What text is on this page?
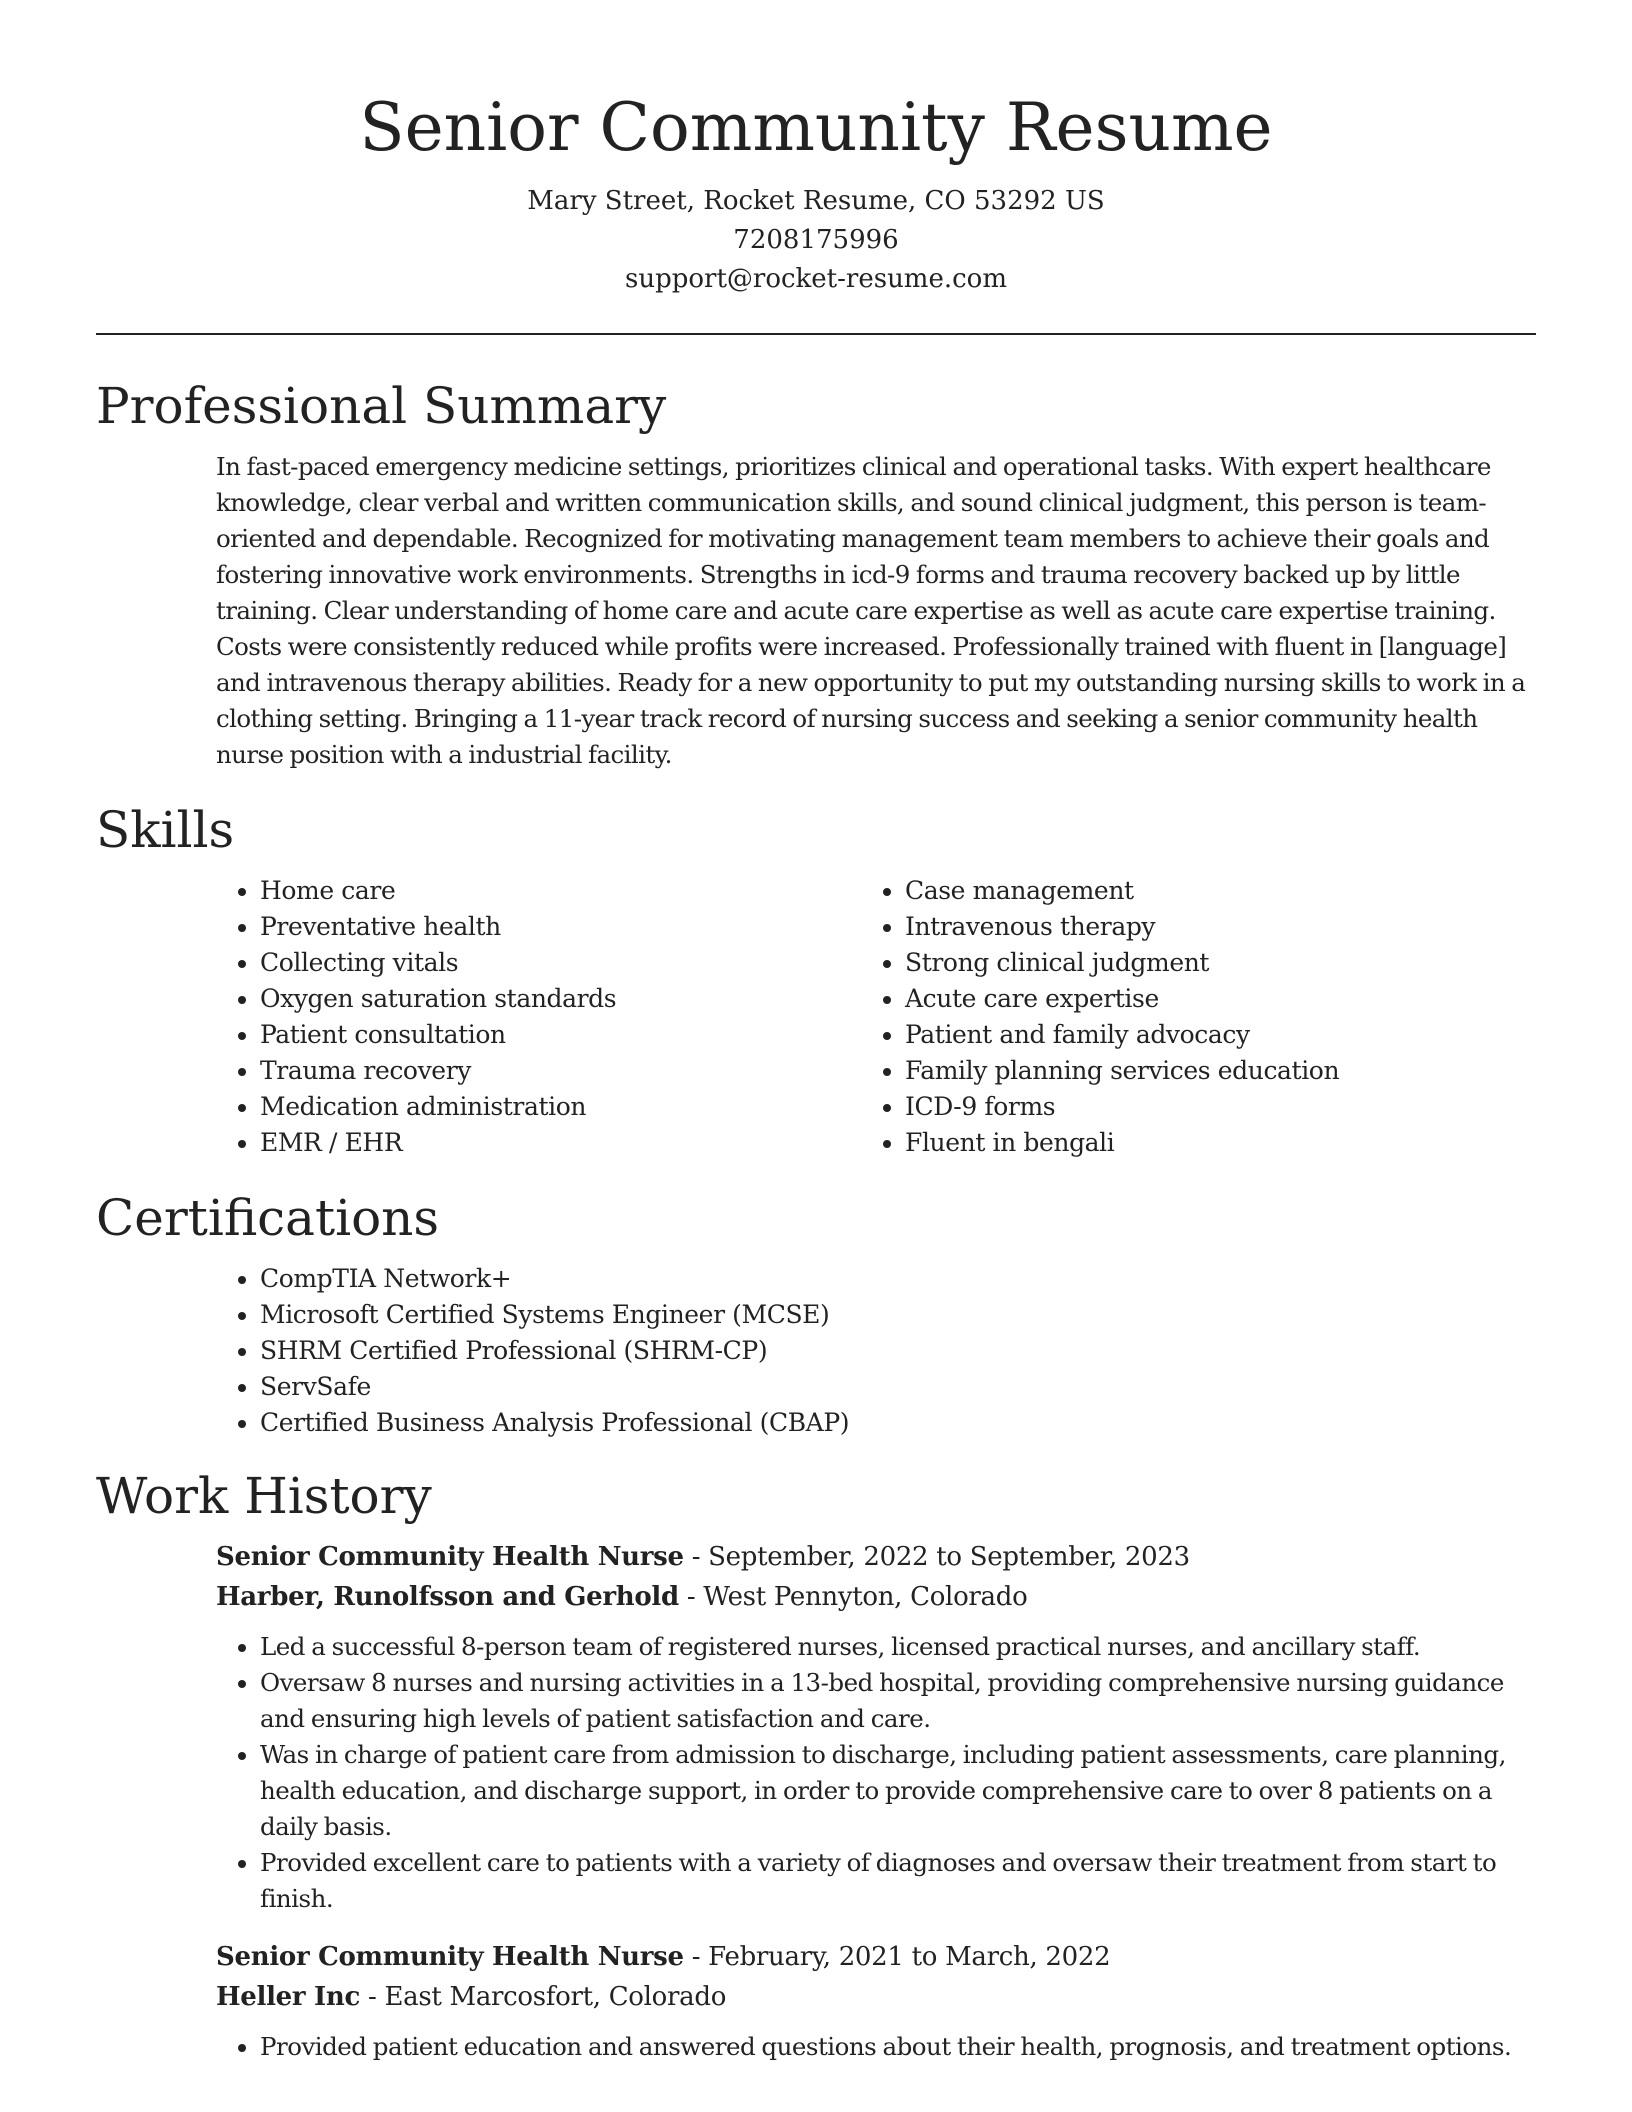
Senior Community Resume
Mary Street, Rocket Resume, CO 53292 US
7208175996
support@rocket-resume.com
Professional Summary

In fast-paced emergency medicine settings, prioritizes clinical and operational tasks. With expert healthcare knowledge, clear verbal and written communication skills, and sound clinical judgment, this person is team-oriented and dependable. Recognized for motivating management team members to achieve their goals and fostering innovative work environments. Strengths in icd-9 forms and trauma recovery backed up by little training. Clear understanding of home care and acute care expertise as well as acute care expertise training. Costs were consistently reduced while profits were increased. Professionally trained with fluent in [language] and intravenous therapy abilities. Ready for a new opportunity to put my outstanding nursing skills to work in a clothing setting. Bringing a 11-year track record of nursing success and seeking a senior community health nurse position with a industrial facility.

Skills
• Home care
• Preventative health
• Collecting vitals
• Oxygen saturation standards
• Patient consultation
• Trauma recovery
• Medication administration
• EMR / EHR
• Case management
• Intravenous therapy
• Strong clinical judgment
• Acute care expertise
• Patient and family advocacy
• Family planning services education
• ICD-9 forms
• Fluent in bengali
Certifications
• CompTIA Network+
• Microsoft Certified Systems Engineer (MCSE)
• SHRM Certified Professional (SHRM-CP)
• ServSafe
• Certified Business Analysis Professional (CBAP)
Work History
Senior Community Health Nurse - September, 2022 to September, 2023
Harber, Runolfsson and Gerhold - West Pennyton, Colorado
• Led a successful 8-person team of registered nurses, licensed practical nurses, and ancillary staff.
• Oversaw 8 nurses and nursing activities in a 13-bed hospital, providing comprehensive nursing guidance and ensuring high levels of patient satisfaction and care.
• Was in charge of patient care from admission to discharge, including patient assessments, care planning, health education, and discharge support, in order to provide comprehensive care to over 8 patients on a daily basis.
• Provided excellent care to patients with a variety of diagnoses and oversaw their treatment from start to finish.
Senior Community Health Nurse - February, 2021 to March, 2022
Heller Inc - East Marcosfort, Colorado
• Provided patient education and answered questions about their health, prognosis, and treatment options.
